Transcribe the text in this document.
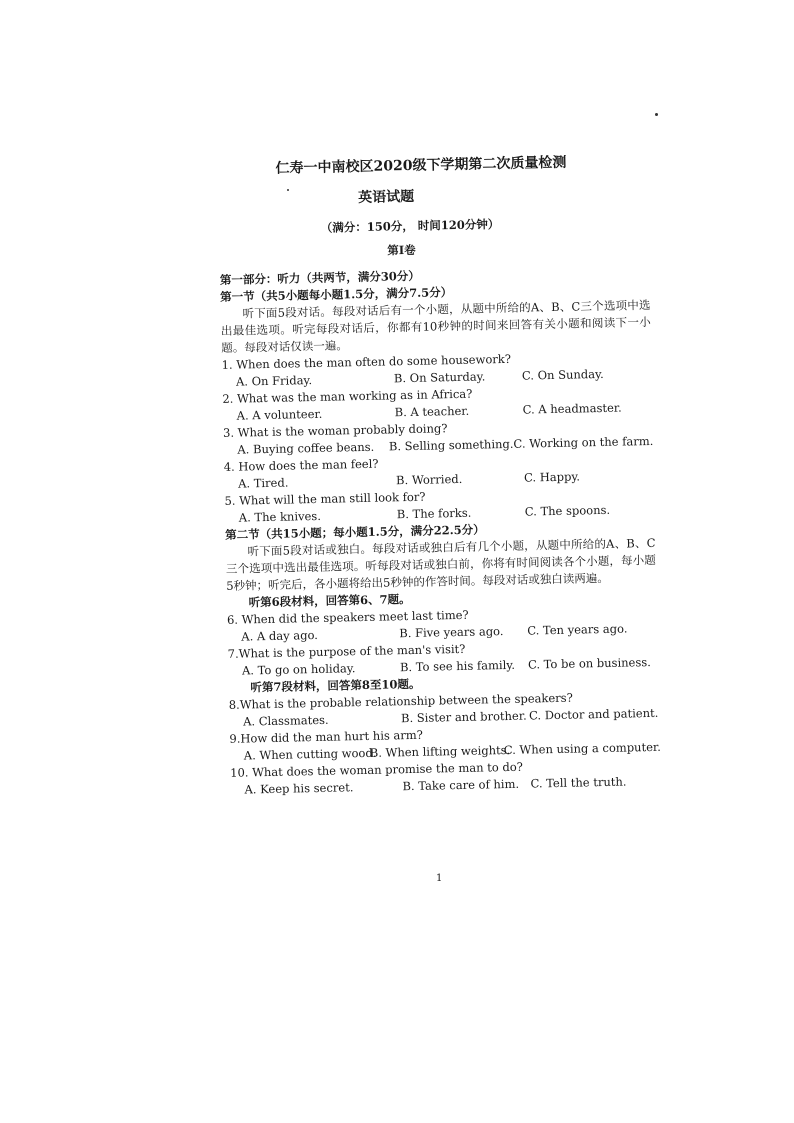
仁寿一中南校区2020级下学期第二次质量检测
英语试题
（满分：150分， 时间120分钟）
第Ⅰ卷
第一部分：听力（共两节，满分30分）
第一节（共5小题每小题1.5分，满分7.5分）
听下面5段对话。每段对话后有一个小题，从题中所给的A、B、C三个选项中选出最佳选项。听完每段对话后，你都有10秒钟的时间来回答有关小题和阅读下一小题。每段对话仅读一遍。
1. When does the man often do some housework?
A. On Friday.	B. On Saturday.	C. On Sunday.
2. What was the man working as in Africa?
A. A volunteer.	B. A teacher.	C. A headmaster.
3. What is the woman probably doing?
A. Buying coffee beans.	B. Selling something. C. Working on the farm.
4. How does the man feel?
A. Tired.	B. Worried.	C. Happy.
5. What will the man still look for?
A. The knives.	B. The forks.	C. The spoons.
第二节（共15小题；每小题1.5分，满分22.5分）
听下面5段对话或独白。每段对话或独白后有几个小题，从题中所给的A、B、C三个选项中选出最佳选项。听每段对话或独白前，你将有时间阅读各个小题，每小题5秒钟；听完后，各小题将给出5秒钟的作答时间。每段对话或独白读两遍。
听第6段材料，回答第6、7题。
6. When did the speakers meet last time?
A. A day ago.	B. Five years ago.	C. Ten years ago.
7.What is the purpose of the man's visit?
A. To go on holiday.	B. To see his family.	C. To be on business.
听第7段材料，回答第8至10题。
8.What is the probable relationship between the speakers?
A. Classmates.	B. Sister and brother. C. Doctor and patient.
9.How did the man hurt his arm?
A. When cutting wood.
B. When lifting weights.
C. When using a computer.
10. What does the woman promise the man to do?
A. Keep his secret.	B. Take care of him. C. Tell the truth.
1
